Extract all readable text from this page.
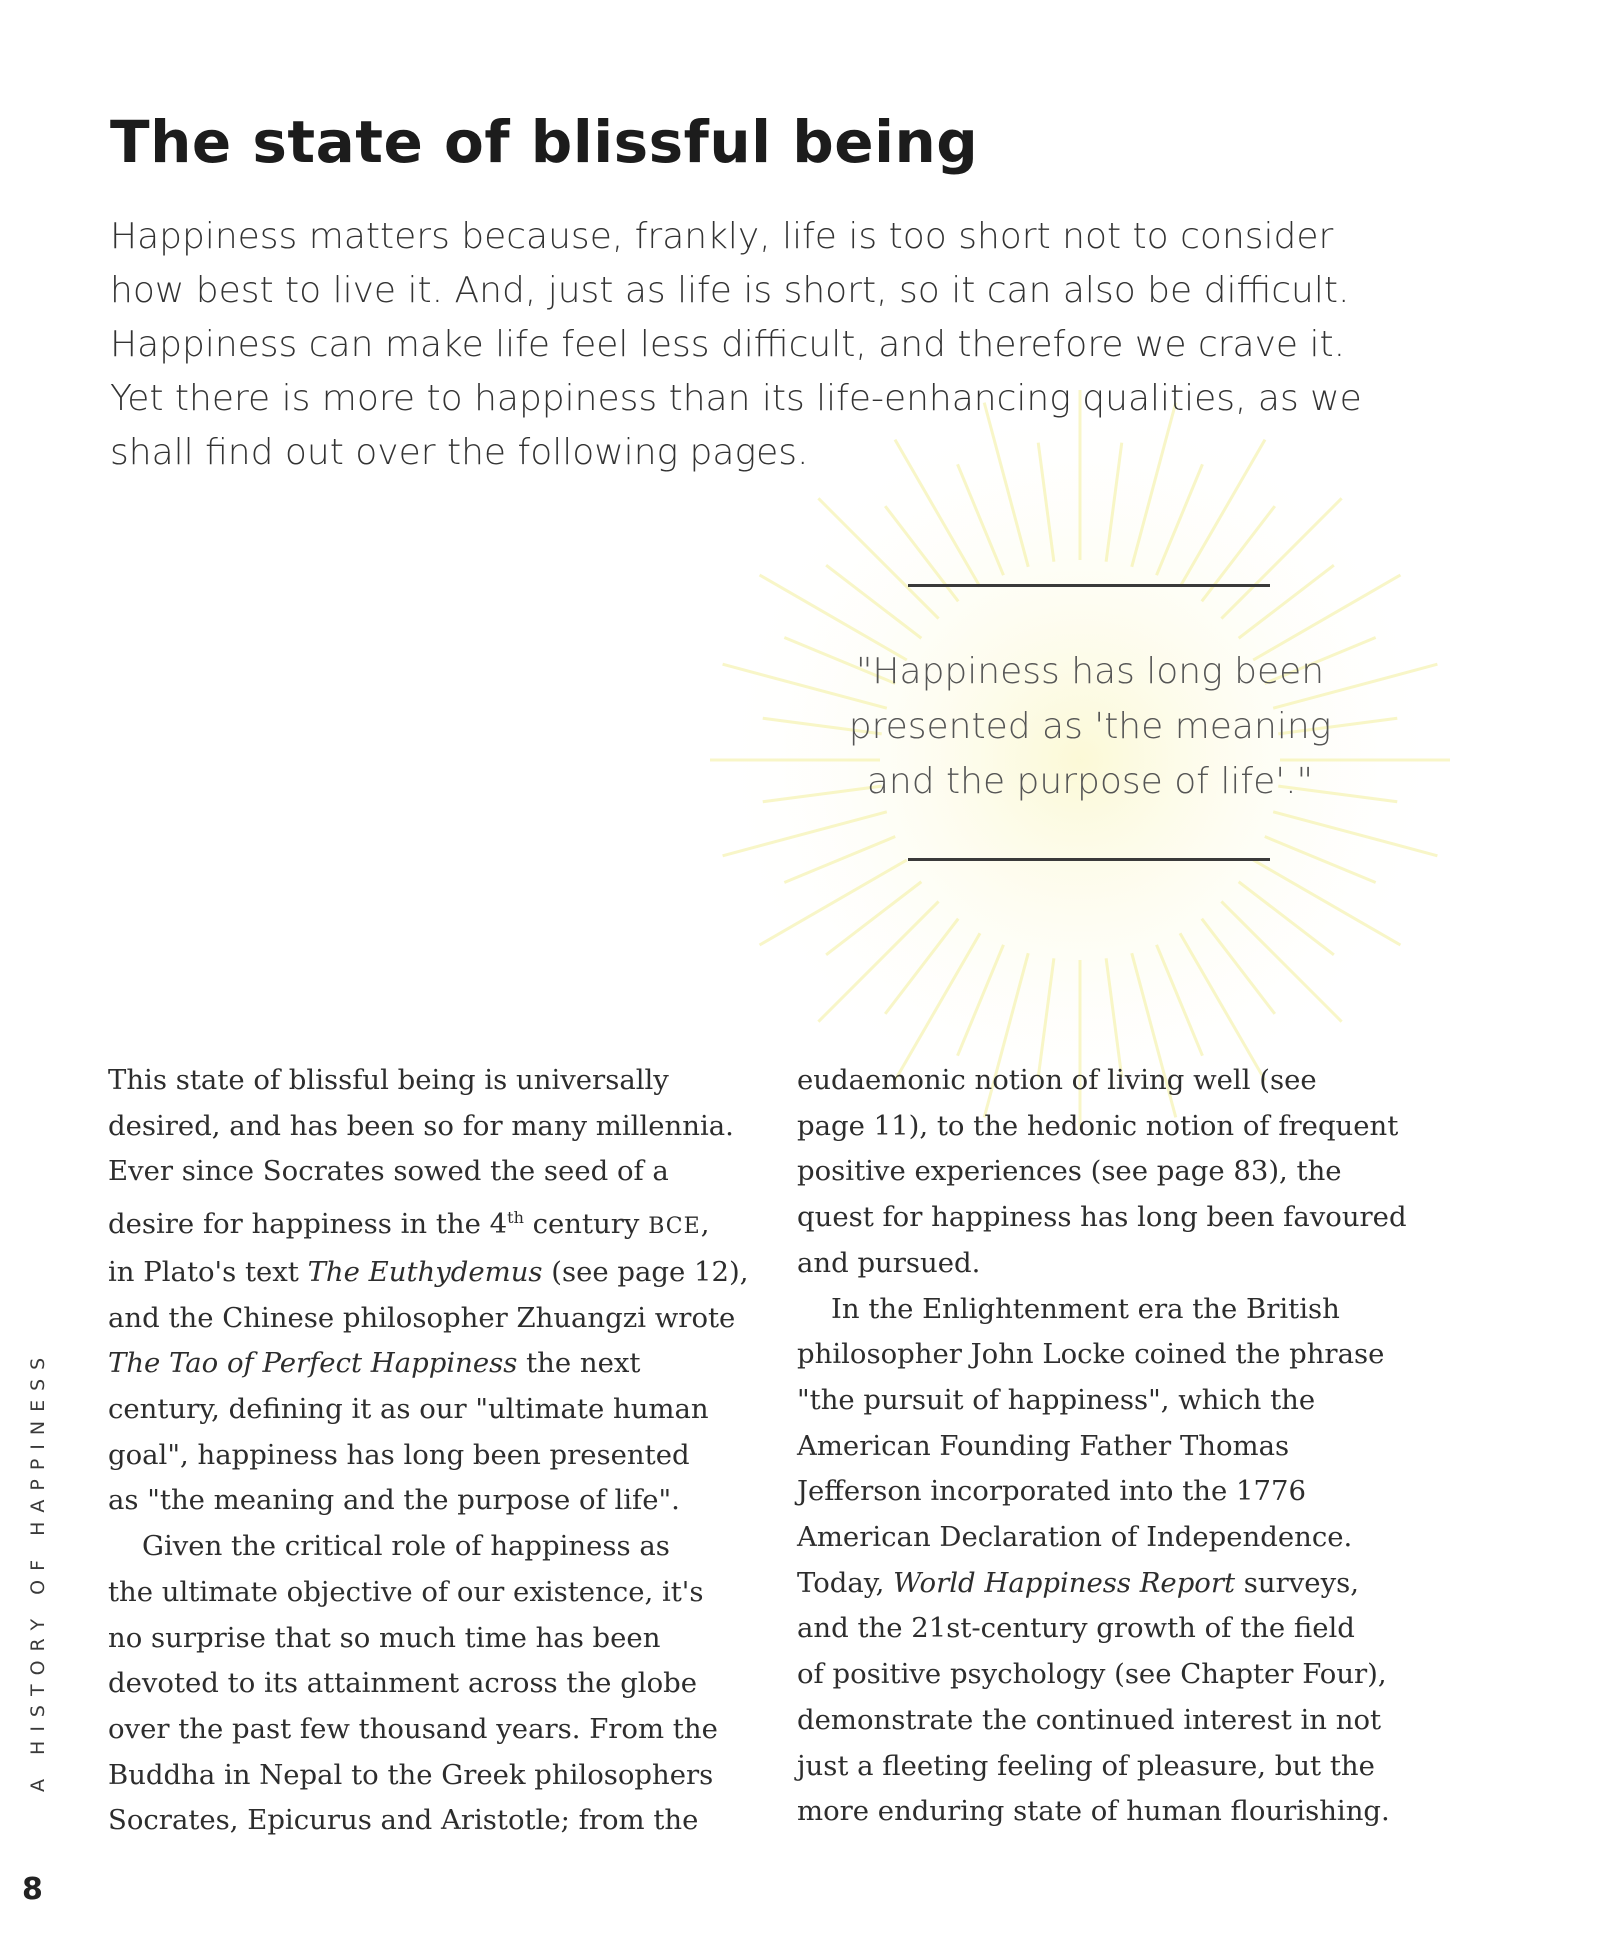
The state of blissful being

Happiness matters because, frankly, life is too short not to consider
how best to live it. And, just as life is short, so it can also be difficult.
Happiness can make life feel less difficult, and therefore we crave it.
Yet there is more to happiness than its life-enhancing qualities, as we
shall find out over the following pages.

"Happiness has long been
presented as 'the meaning
and the purpose of life'."

This state of blissful being is universally
desired, and has been so for many millennia.
Ever since Socrates sowed the seed of a
desire for happiness in the 4th century BCE,
in Plato's text The Euthydemus (see page 12),
and the Chinese philosopher Zhuangzi wrote
The Tao of Perfect Happiness the next
century, defining it as our "ultimate human
goal", happiness has long been presented
as "the meaning and the purpose of life".
Given the critical role of happiness as
the ultimate objective of our existence, it's
no surprise that so much time has been
devoted to its attainment across the globe
over the past few thousand years. From the
Buddha in Nepal to the Greek philosophers
Socrates, Epicurus and Aristotle; from the
eudaemonic notion of living well (see
page 11), to the hedonic notion of frequent
positive experiences (see page 83), the
quest for happiness has long been favoured
and pursued.
In the Enlightenment era the British
philosopher John Locke coined the phrase
"the pursuit of happiness", which the
American Founding Father Thomas
Jefferson incorporated into the 1776
American Declaration of Independence.
Today, World Happiness Report surveys,
and the 21st-century growth of the field
of positive psychology (see Chapter Four),
demonstrate the continued interest in not
just a fleeting feeling of pleasure, but the
more enduring state of human flourishing.
A HISTORY OF HAPPINESS
8
